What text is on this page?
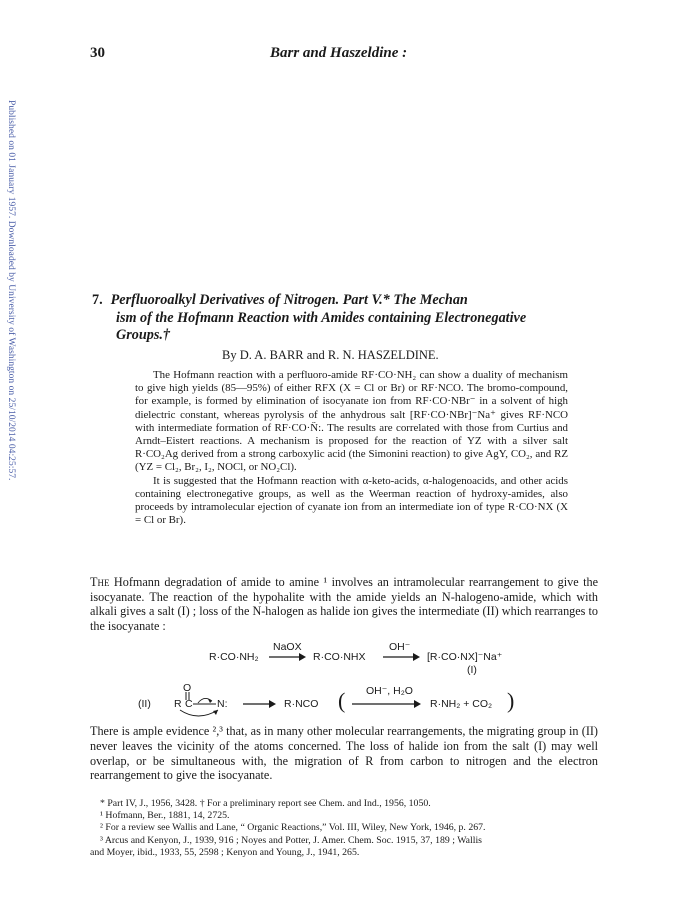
Published on 01 January 1957. Downloaded by University of Washington on 25/10/2014 04:25:57.
30	Barr and Haszeldine :
7. Perfluoroalkyl Derivatives of Nitrogen. Part V.* The Mechan
ism of the Hofmann Reaction with Amides containing Electronegative
Groups.†
By D. A. BARR and R. N. HASZELDINE.

The Hofmann reaction with a perfluoro-amide RF·CO·NH₂ can show a duality of mechanism to give high yields (85—95%) of either RFX (X = Cl or Br) or RF·NCO. The bromo-compound, for example, is formed by elimination of isocyanate ion from RF·CO·NBr⁻ in a solvent of high dielectric constant, whereas pyrolysis of the anhydrous salt [RF·CO·NBr]⁻Na⁺ gives RF·NCO with intermediate formation of RF·CO·N̈:. The results are correlated with those from Curtius and Arndt–Eistert reactions. A mechanism is proposed for the reaction of YZ with a silver salt R·CO₂Ag derived from a strong carboxylic acid (the Simonini reaction) to give AgY, CO₂, and RZ (YZ = Cl₂, Br₂, I₂, NOCl, or NO₂Cl).

It is suggested that the Hofmann reaction with α-keto-acids, α-halogenoacids, and other acids containing electronegative groups, as well as the Weerman reaction of hydroxy-amides, also proceeds by intramolecular ejection of cyanate ion from an intermediate ion of type R·CO·NX (X = Cl or Br).

The Hofmann degradation of amide to amine ¹ involves an intramolecular rearrangement to give the isocyanate. The reaction of the hypohalite with the amide yields an N-halogeno-amide, which with alkali gives a salt (I) ; loss of the N-halogen as halide ion gives the intermediate (II) which rearranges to the isocyanate :

R·CO·NH₂
NaOX
→ R·CO·NHX
OH⁻
→ [R·CO·NX]⁻Na⁺
(I)
(II)
O
R C N: → R·NCO ( OH⁻, H₂O
R·NH₂ + CO₂ )

There is ample evidence ²,³ that, as in many other molecular rearrangements, the migrating group in (II) never leaves the vicinity of the atoms concerned. The loss of halide ion from the salt (I) may well overlap, or be simultaneous with, the migration of R from carbon to nitrogen and the electron rearrangement to give the isocyanate.

* Part IV, J., 1956, 3428. † For a preliminary report see Chem. and Ind., 1956, 1050.

¹ Hofmann, Ber., 1881, 14, 2725.

² For a review see Wallis and Lane, “ Organic Reactions,” Vol. III, Wiley, New York, 1946, p. 267.

³ Arcus and Kenyon, J., 1939, 916 ; Noyes and Potter, J. Amer. Chem. Soc. 1915, 37, 189 ; Wallis

and Moyer, ibid., 1933, 55, 2598 ; Kenyon and Young, J., 1941, 265.
